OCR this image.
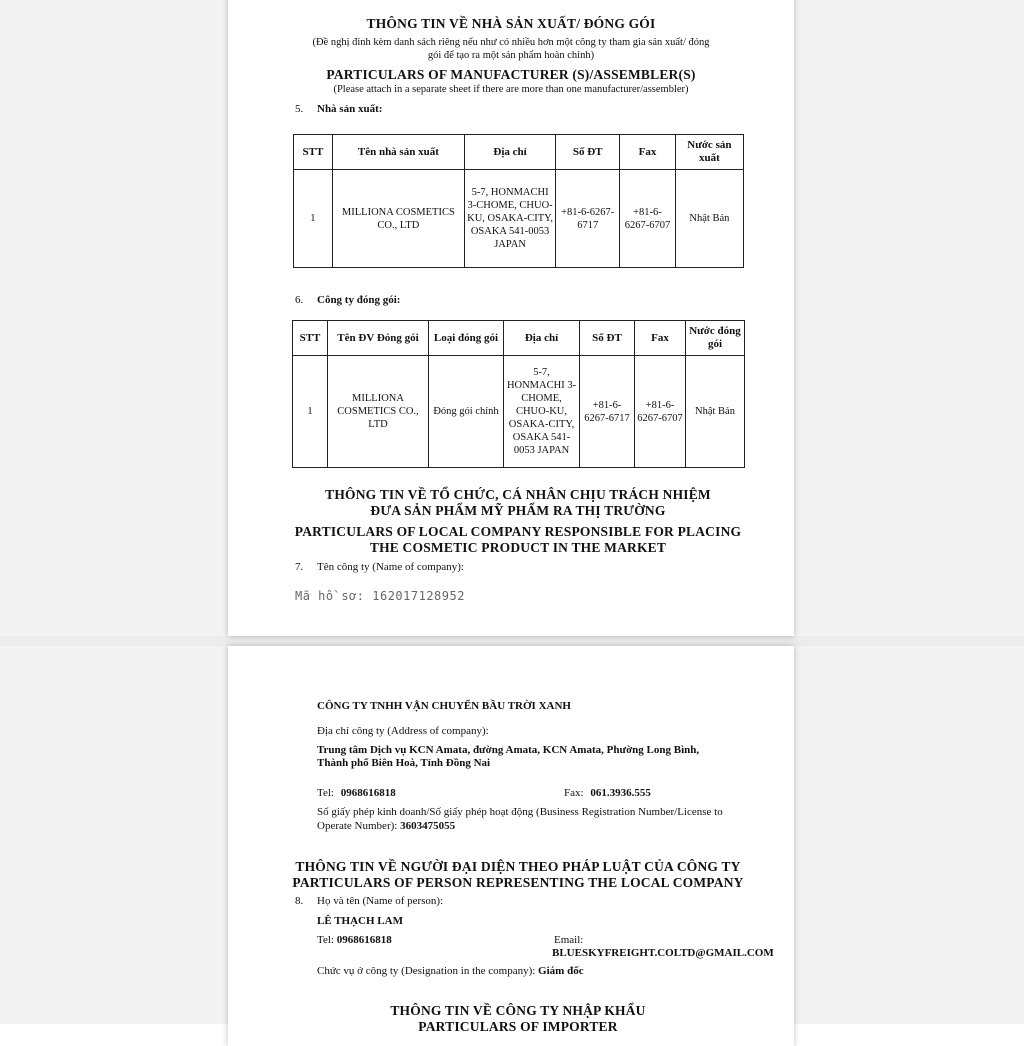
THÔNG TIN VỀ NHÀ SẢN XUẤT/ ĐÓNG GÓI
(Đề nghị đính kèm danh sách riêng nếu như có nhiều hơn một công ty tham gia sản xuất/ đóng
gói để tạo ra một sản phẩm hoàn chỉnh)
PARTICULARS OF MANUFACTURER (S)/ASSEMBLER(S)
(Please attach in a separate sheet if there are more than one manufacturer/assembler)
5. Nhà sản xuất:
STT	Tên nhà sản xuất	Địa chỉ	Số ĐT	Fax	Nước sản xuất
1	MILLIONA COSMETICS CO., LTD	5-7, HONMACHI 3-CHOME, CHUO-KU, OSAKA-CITY, OSAKA 541-0053 JAPAN	+81-6-6267-6717	+81-6-6267-6707	Nhật Bản
6. Công ty đóng gói:
STT	Tên ĐV Đóng gói	Loại đóng gói	Địa chỉ	Số ĐT	Fax	Nước đóng gói
1	MILLIONA COSMETICS CO., LTD	Đóng gói chính	5-7, HONMACHI 3-CHOME, CHUO-KU, OSAKA-CITY, OSAKA 541-0053 JAPAN	+81-6-6267-6717	+81-6-6267-6707	Nhật Bản
THÔNG TIN VỀ TỔ CHỨC, CÁ NHÂN CHỊU TRÁCH NHIỆM
ĐƯA SẢN PHẨM MỸ PHẨM RA THỊ TRƯỜNG
PARTICULARS OF LOCAL COMPANY RESPONSIBLE FOR PLACING
THE COSMETIC PRODUCT IN THE MARKET
7. Tên công ty (Name of company):
Mã hồ sơ: 162017128952
CÔNG TY TNHH VẬN CHUYỂN BẦU TRỜI XANH
Địa chỉ công ty (Address of company):
Trung tâm Dịch vụ KCN Amata, đường Amata, KCN Amata, Phường Long Bình,
Thành phố Biên Hoà, Tỉnh Đồng Nai
Tel: 0968616818	Fax: 061.3936.555
Số giấy phép kinh doanh/Số giấy phép hoạt động (Business Registration Number/License to
Operate Number): 3603475055
THÔNG TIN VỀ NGƯỜI ĐẠI DIỆN THEO PHÁP LUẬT CỦA CÔNG TY
PARTICULARS OF PERSON REPRESENTING THE LOCAL COMPANY
8. Họ và tên (Name of person):
LÊ THẠCH LAM
Tel: 0968616818	Email:
BLUESKYFREIGHT.COLTD@GMAIL.COM
Chức vụ ở công ty (Designation in the company): Giám đốc
THÔNG TIN VỀ CÔNG TY NHẬP KHẨU
PARTICULARS OF IMPORTER
